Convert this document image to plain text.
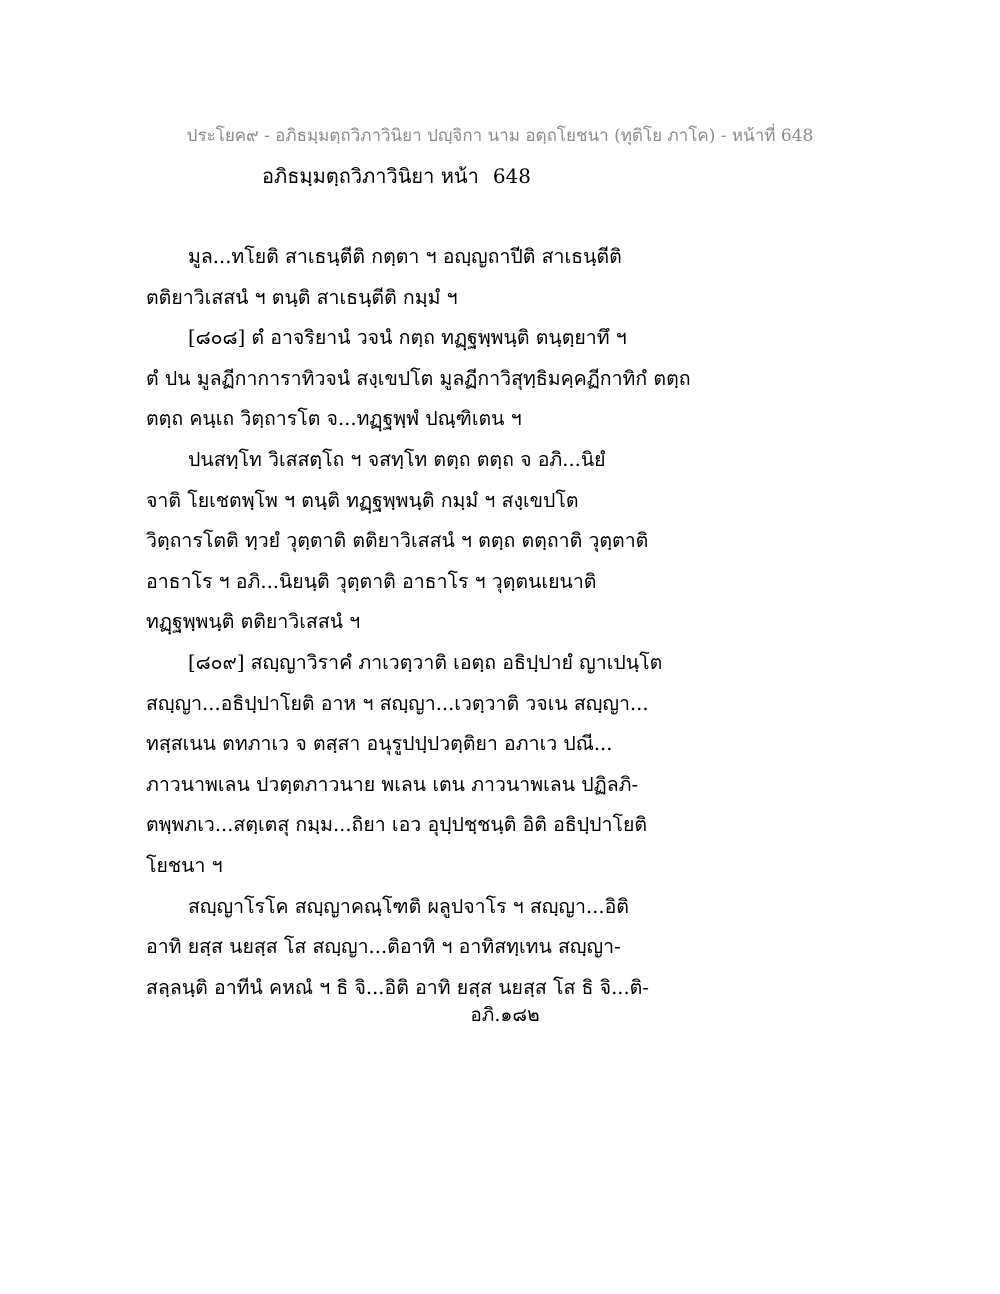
ประโยค๙ - อภิธมฺมตฺถวิภาวินิยา ปญฺจิกา นาม อตฺถโยชนา (ทุติโย ภาโค) - หน้าที่ 648
อภิธมฺมตฺถวิภาวินิยา หน้า 648
มูล...ทโยติ สาเธนฺตีติ กตฺตา ฯ อญฺญถาปีติ สาเธนฺตีติ
ตติยาวิเสสนํ ฯ ตนฺติ สาเธนฺตีติ กมฺมํ ฯ
[๘๐๘] ตํ อาจริยานํ วจนํ กตฺถ ทฏฺฐพฺพนฺติ ตนฺตฺยาทึ ฯ
ตํ ปน มูลฏีกาการาทิวจนํ สงฺเขปโต มูลฏีกาวิสุทฺธิมคฺคฏีกาทิกํ ตตฺถ
ตตฺถ คนฺเถ วิตฺถารโต จ...ทฏฺฐพฺพํ ปณฺฑิเตน ฯ
ปนสทฺโท วิเสสตฺโถ ฯ จสทฺโท ตตฺถ ตตฺถ จ อภิ...นิยํ
จาติ โยเชตพฺโพ ฯ ตนฺติ ทฏฺฐพฺพนฺติ กมฺมํ ฯ สงฺเขปโต
วิตฺถารโตติ ทฺวยํ วุตฺตาติ ตติยาวิเสสนํ ฯ ตตฺถ ตตฺถาติ วุตฺตาติ
อาธาโร ฯ อภิ...นิยนฺติ วุตฺตาติ อาธาโร ฯ วุตฺตนเยนาติ
ทฏฺฐพฺพนฺติ ตติยาวิเสสนํ ฯ
[๘๐๙] สญฺญาวิราคํ ภาเวตฺวาติ เอตฺถ อธิปฺปายํ ญาเปนฺโต
สญฺญา...อธิปฺปาโยติ อาห ฯ สญฺญา...เวตฺวาติ วจเน สญฺญา...
ทสฺสเนน ตทภาเว จ ตสฺสา อนุรูปปฺปวตฺติยา อภาเว ปณี...
ภาวนาพเลน ปวตฺตภาวนาย พเลน เตน ภาวนาพเลน ปฏิลภิ-
ตพฺพภเว...สตฺเตสุ กมฺม...ถิยา เอว อุปฺปชฺชนฺติ อิติ อธิปฺปาโยติ
โยชนา ฯ
สญฺญาโรโค สญฺญาคณฺโฑติ ผลูปจาโร ฯ สญฺญา...อิติ
อาทิ ยสฺส นยสฺส โส สญฺญา...ติอาทิ ฯ อาทิสทฺเทน สญฺญา-
สลฺลนฺติ อาทีนํ คหณํ ฯ ธิ จิ...อิติ อาทิ ยสฺส นยสฺส โส ธิ จิ...ติ-
อภิ.๑๘๒
